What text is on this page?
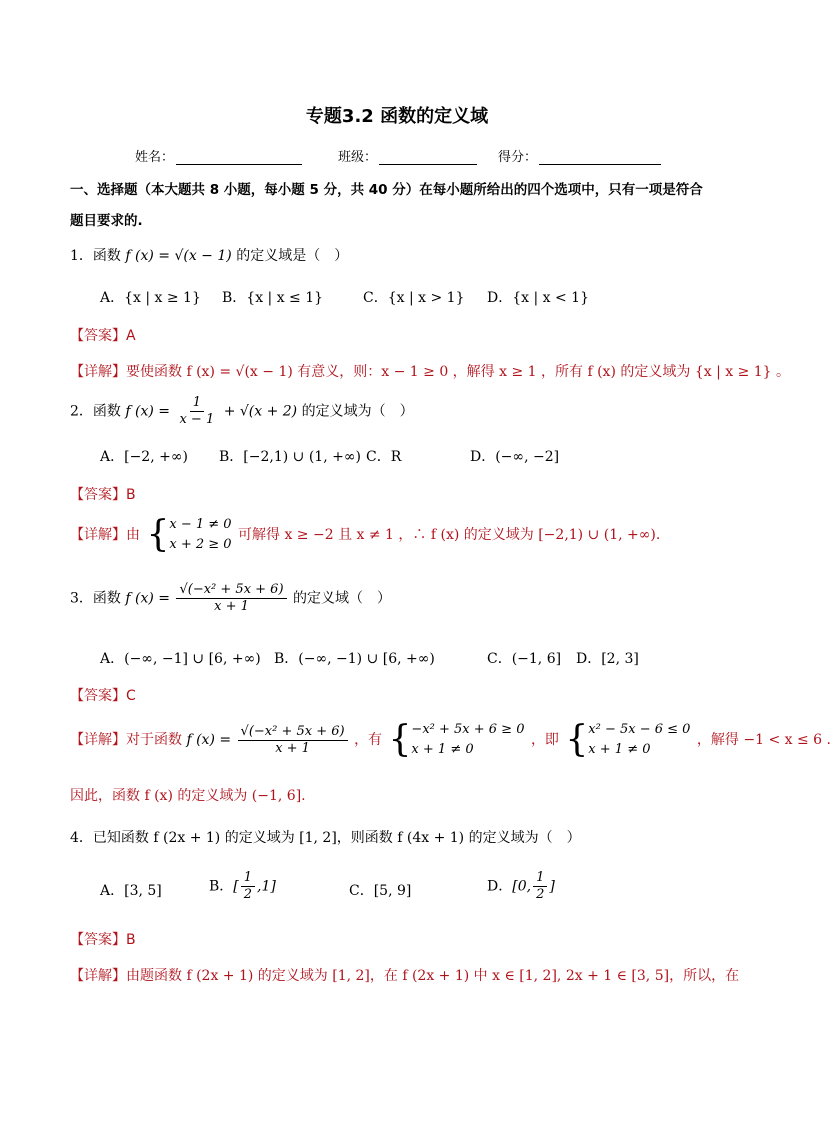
专题3.2 函数的定义域
姓名：	班级：	得分：
一、选择题（本大题共 8 小题，每小题 5 分，共 40 分）在每小题所给出的四个选项中，只有一项是符合
题目要求的.
1．函数 f (x) = √(x − 1) 的定义域是（　）
A．{x | x ≥ 1} B．{x | x ≤ 1}	C．{x | x > 1} D．{x | x < 1}
【答案】A
【详解】要使函数 f (x) = √(x − 1) 有意义，则：x − 1 ≥ 0 ，解得 x ≥ 1 ，所有 f (x) 的定义域为 {x | x ≥ 1} 。
2．函数 f $(x) = \frac{1}{x - 1} + √(x + 2)$ 的定义域为（　）
A．[−2, +∞) B．[−2,1) ∪ (1, +∞) C．R	D．(−∞, −2]
【答案】B
【详解】由 { x − 1 ≠ 0
x + 2 ≥ 0
可解得 x ≥ −2 且 x ≠ 1 ，∴ f (x) 的定义域为 [−2,1) ∪ (1, +∞).
3．函数 f $(x) = \frac{\text{√(−x² + 5x + 6)}}{x + 1}$ 的定义域（　）
A．(−∞, −1] ∪ [6, +∞) B．(−∞, −1) ∪ [6, +∞)	C．(−1, 6] D．[2, 3]
【答案】C
【详解】对于函数 f $(x) = \frac{\text{√(−x² + 5x + 6)}}{x + 1}$ ，有 { −x² + 5x + 6 ≥ 0
x + 1 ≠ 0
，即 { x² − 5x − 6 ≤ 0
x + 1 ≠ 0
，解得 −1 < x ≤ 6 .
因此，函数 f (x) 的定义域为 (−1, 6].
4．已知函数 f (2x + 1) 的定义域为 [1, 2]，则函数 f (4x + 1) 的定义域为（　）
A．[3, 5]	B．[ $\frac{1}{2} ,1$]	C．[5, 9]	D．[0, $\frac{1}{2}$ ]
【答案】B
【详解】由题函数 f (2x + 1) 的定义域为 [1, 2]，在 f (2x + 1) 中 x ∈ [1, 2], 2x + 1 ∈ [3, 5]，所以，在
